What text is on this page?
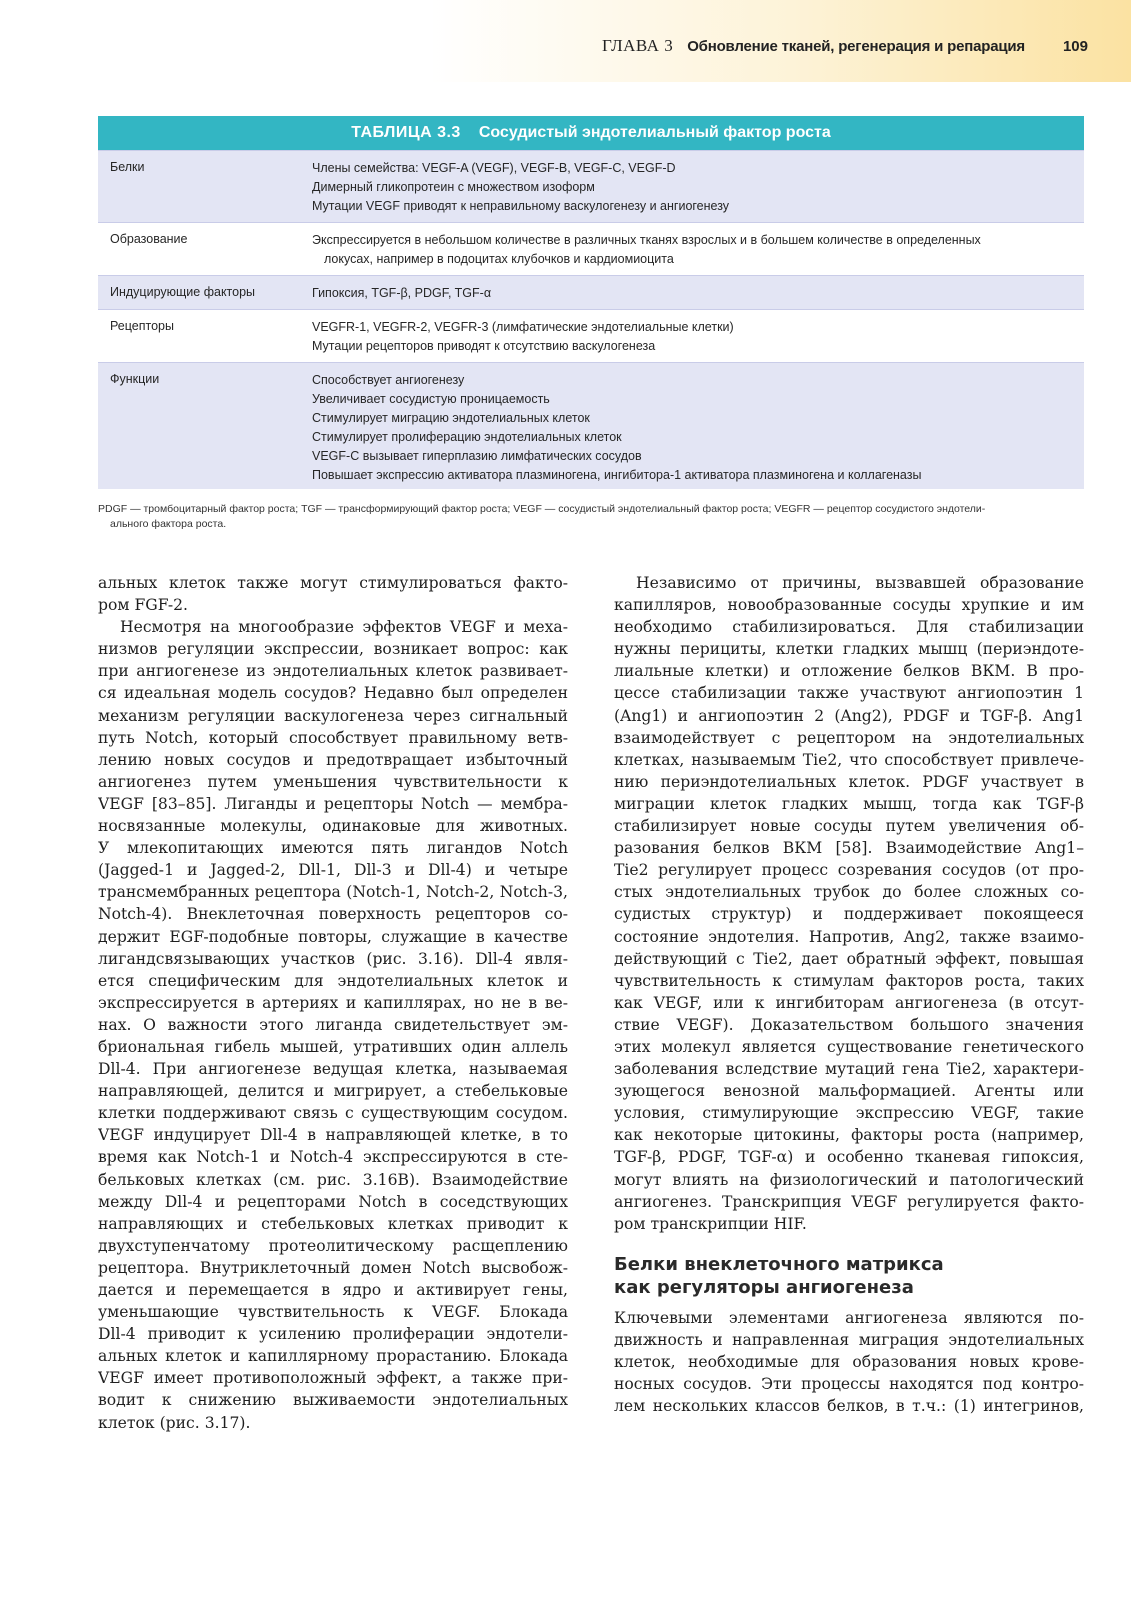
ГЛАВА 3 Обновление тканей, регенерация и репарация	109
ТАБЛИЦА 3.3 Сосудистый эндотелиальный фактор роста
Белки	Члены семейства: VEGF-A (VEGF), VEGF-B, VEGF-C, VEGF-D
Димерный гликопротеин с множеством изоформ
Мутации VEGF приводят к неправильному васкулогенезу и ангиогенезу
Образование	Экспрессируется в небольшом количестве в различных тканях взрослых и в большем количестве в определенных
локусах, например в подоцитах клубочков и кардиомиоцита
Индуцирующие факторы	Гипоксия, TGF-β, PDGF, TGF-α
Рецепторы	VEGFR-1, VEGFR-2, VEGFR-3 (лимфатические эндотелиальные клетки)
Мутации рецепторов приводят к отсутствию васкулогенеза
Функции	Способствует ангиогенезу
Увеличивает сосудистую проницаемость
Стимулирует миграцию эндотелиальных клеток
Стимулирует пролиферацию эндотелиальных клеток
VEGF-C вызывает гиперплазию лимфатических сосудов
Повышает экспрессию активатора плазминогена, ингибитора-1 активатора плазминогена и коллагеназы
PDGF — тромбоцитарный фактор роста; TGF — трансформирующий фактор роста; VEGF — сосудистый эндотелиальный фактор роста; VEGFR — рецептор сосудистого эндотели-
ального фактора роста.
альных клеток также могут стимулироваться факто-
ром FGF-2.
Несмотря на многообразие эффектов VEGF и меха-
низмов регуляции экспрессии, возникает вопрос: как
при ангиогенезе из эндотелиальных клеток развивает-
ся идеальная модель сосудов? Недавно был определен
механизм регуляции васкулогенеза через сигнальный
путь Notch, который способствует правильному ветв-
лению новых сосудов и предотвращает избыточный
ангиогенез путем уменьшения чувствительности к
VEGF [83–85]. Лиганды и рецепторы Notch — мембра-
носвязанные молекулы, одинаковые для животных.
У млекопитающих имеются пять лигандов Notch
(Jagged-1 и Jagged-2, Dll-1, Dll-3 и Dll-4) и четыре
трансмембранных рецептора (Notch-1, Notch-2, Notch-3,
Notch-4). Внеклеточная поверхность рецепторов со-
держит EGF-подобные повторы, служащие в качестве
лигандсвязывающих участков (рис. 3.16). Dll-4 явля-
ется специфическим для эндотелиальных клеток и
экспрессируется в артериях и капиллярах, но не в ве-
нах. О важности этого лиганда свидетельствует эм-
бриональная гибель мышей, утративших один аллель
Dll-4. При ангиогенезе ведущая клетка, называемая
направляющей, делится и мигрирует, а стебельковые
клетки поддерживают связь с существующим сосудом.
VEGF индуцирует Dll-4 в направляющей клетке, в то
время как Notch-1 и Notch-4 экспрессируются в сте-
бельковых клетках (см. рис. 3.16B). Взаимодействие
между Dll-4 и рецепторами Notch в соседствующих
направляющих и стебельковых клетках приводит к
двухступенчатому протеолитическому расщеплению
рецептора. Внутриклеточный домен Notch высвобож-
дается и перемещается в ядро и активирует гены,
уменьшающие чувствительность к VEGF. Блокада
Dll-4 приводит к усилению пролиферации эндотели-
альных клеток и капиллярному прорастанию. Блокада
VEGF имеет противоположный эффект, а также при-
водит к снижению выживаемости эндотелиальных
клеток (рис. 3.17).
Независимо от причины, вызвавшей образование
капилляров, новообразованные сосуды хрупкие и им
необходимо стабилизироваться. Для стабилизации
нужны перициты, клетки гладких мышц (периэндоте-
лиальные клетки) и отложение белков ВКМ. В про-
цессе стабилизации также участвуют ангиопоэтин 1
(Ang1) и ангиопоэтин 2 (Ang2), PDGF и TGF-β. Ang1
взаимодействует с рецептором на эндотелиальных
клетках, называемым Tie2, что способствует привлече-
нию периэндотелиальных клеток. PDGF участвует в
миграции клеток гладких мышц, тогда как TGF-β
стабилизирует новые сосуды путем увеличения об-
разования белков ВКМ [58]. Взаимодействие Ang1–
Tie2 регулирует процесс созревания сосудов (от про-
стых эндотелиальных трубок до более сложных со-
судистых структур) и поддерживает покоящееся
состояние эндотелия. Напротив, Ang2, также взаимо-
действующий с Tie2, дает обратный эффект, повышая
чувствительность к стимулам факторов роста, таких
как VEGF, или к ингибиторам ангиогенеза (в отсут-
ствие VEGF). Доказательством большого значения
этих молекул является существование генетического
заболевания вследствие мутаций гена Tie2, характери-
зующегося венозной мальформацией. Агенты или
условия, стимулирующие экспрессию VEGF, такие
как некоторые цитокины, факторы роста (например,
TGF-β, PDGF, TGF-α) и особенно тканевая гипоксия,
могут влиять на физиологический и патологический
ангиогенез. Транскрипция VEGF регулируется факто-
ром транскрипции HIF.
Белки внеклеточного матрикса
как регуляторы ангиогенеза
Ключевыми элементами ангиогенеза являются по-
движность и направленная миграция эндотелиальных
клеток, необходимые для образования новых крове-
носных сосудов. Эти процессы находятся под контро-
лем нескольких классов белков, в т.ч.: (1) интегринов,
